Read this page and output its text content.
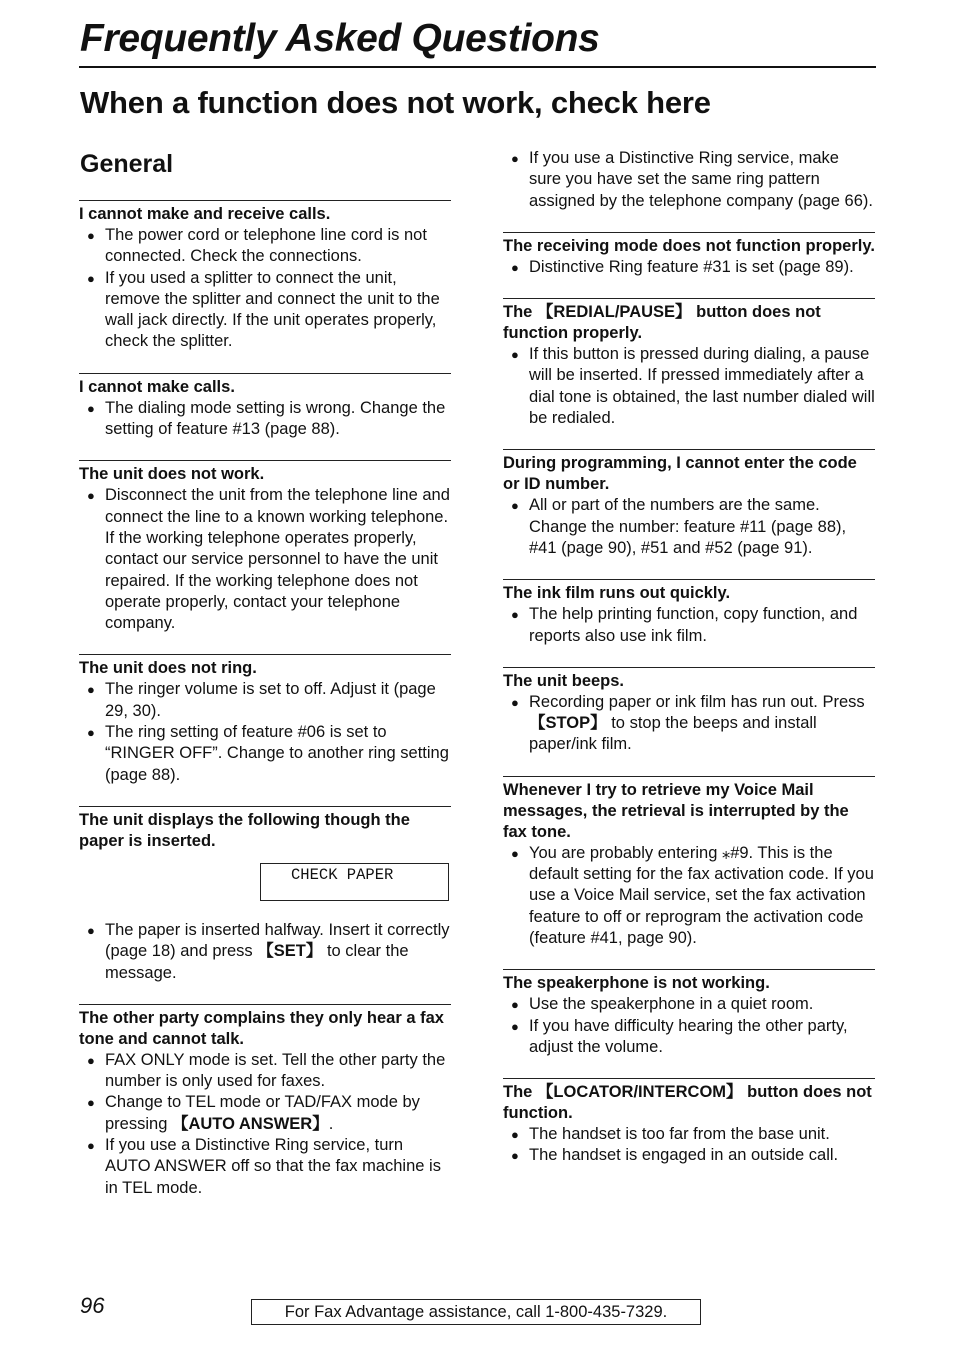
Frequently Asked Questions
When a function does not work, check here
General

I cannot make and receive calls.

● The power cord or telephone line cord is not connected. Check the connections.
● If you used a splitter to connect the unit, remove the splitter and connect the unit to the wall jack directly. If the unit operates properly, check the splitter.

I cannot make calls.

● The dialing mode setting is wrong. Change the setting of feature #13 (page 88).

The unit does not work.

● Disconnect the unit from the telephone line and connect the line to a known working telephone. If the working telephone operates properly, contact our service personnel to have the unit repaired. If the working telephone does not operate properly, contact your telephone company.

The unit does not ring.

● The ringer volume is set to off. Adjust it (page 29, 30).
● The ring setting of feature #06 is set to “RINGER OFF”. Change to another ring setting (page 88).

The unit displays the following though the paper is inserted.

CHECK PAPER
● The paper is inserted halfway. Insert it correctly (page 18) and press 【SET】 to clear the message.

The other party complains they only hear a fax tone and cannot talk.

● FAX ONLY mode is set. Tell the other party the number is only used for faxes.
● Change to TEL mode or TAD/FAX mode by pressing 【AUTO ANSWER】.
● If you use a Distinctive Ring service, turn AUTO ANSWER off so that the fax machine is in TEL mode.
● If you use a Distinctive Ring service, make sure you have set the same ring pattern assigned by the telephone company (page 66).

The receiving mode does not function properly.

● Distinctive Ring feature #31 is set (page 89).

The 【REDIAL/PAUSE】 button does not function properly.

● If this button is pressed during dialing, a pause will be inserted. If pressed immediately after a dial tone is obtained, the last number dialed will be redialed.

During programming, I cannot enter the code or ID number.

● All or part of the numbers are the same. Change the number: feature #11 (page 88), #41 (page 90), #51 and #52 (page 91).

The ink film runs out quickly.

● The help printing function, copy function, and reports also use ink film.

The unit beeps.

● Recording paper or ink film has run out. Press 【STOP】 to stop the beeps and install paper/ink film.

Whenever I try to retrieve my Voice Mail messages, the retrieval is interrupted by the fax tone.

● You are probably entering ⁎#9. This is the default setting for the fax activation code. If you use a Voice Mail service, set the fax activation feature to off or reprogram the activation code (feature #41, page 90).

The speakerphone is not working.

● Use the speakerphone in a quiet room.
● If you have difficulty hearing the other party, adjust the volume.

The 【LOCATOR/INTERCOM】 button does not function.

● The handset is too far from the base unit.
● The handset is engaged in an outside call.
96	For Fax Advantage assistance, call 1-800-435-7329.
